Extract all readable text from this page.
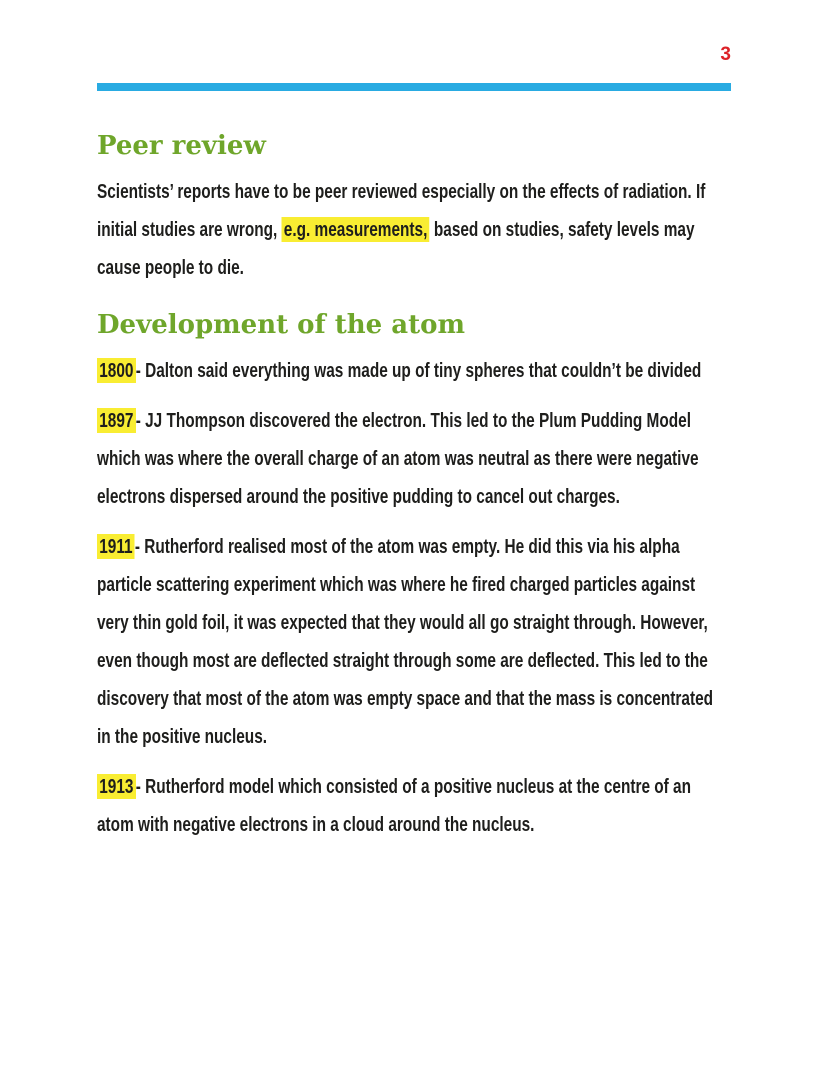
3
Peer review

Scientists’ reports have to be peer reviewed especially on the effects of radiation. If initial studies are wrong, e.g. measurements, based on studies, safety levels may cause people to die.

Development of the atom

1800 - Dalton said everything was made up of tiny spheres that couldn’t be divided

1897 - JJ Thompson discovered the electron. This led to the Plum Pudding Model which was where the overall charge of an atom was neutral as there were negative electrons dispersed around the positive pudding to cancel out charges.

1911 - Rutherford realised most of the atom was empty. He did this via his alpha particle scattering experiment which was where he fired charged particles against very thin gold foil, it was expected that they would all go straight through. However, even though most are deflected straight through some are deflected. This led to the discovery that most of the atom was empty space and that the mass is concentrated in the positive nucleus.

1913 - Rutherford model which consisted of a positive nucleus at the centre of an atom with negative electrons in a cloud around the nucleus.
